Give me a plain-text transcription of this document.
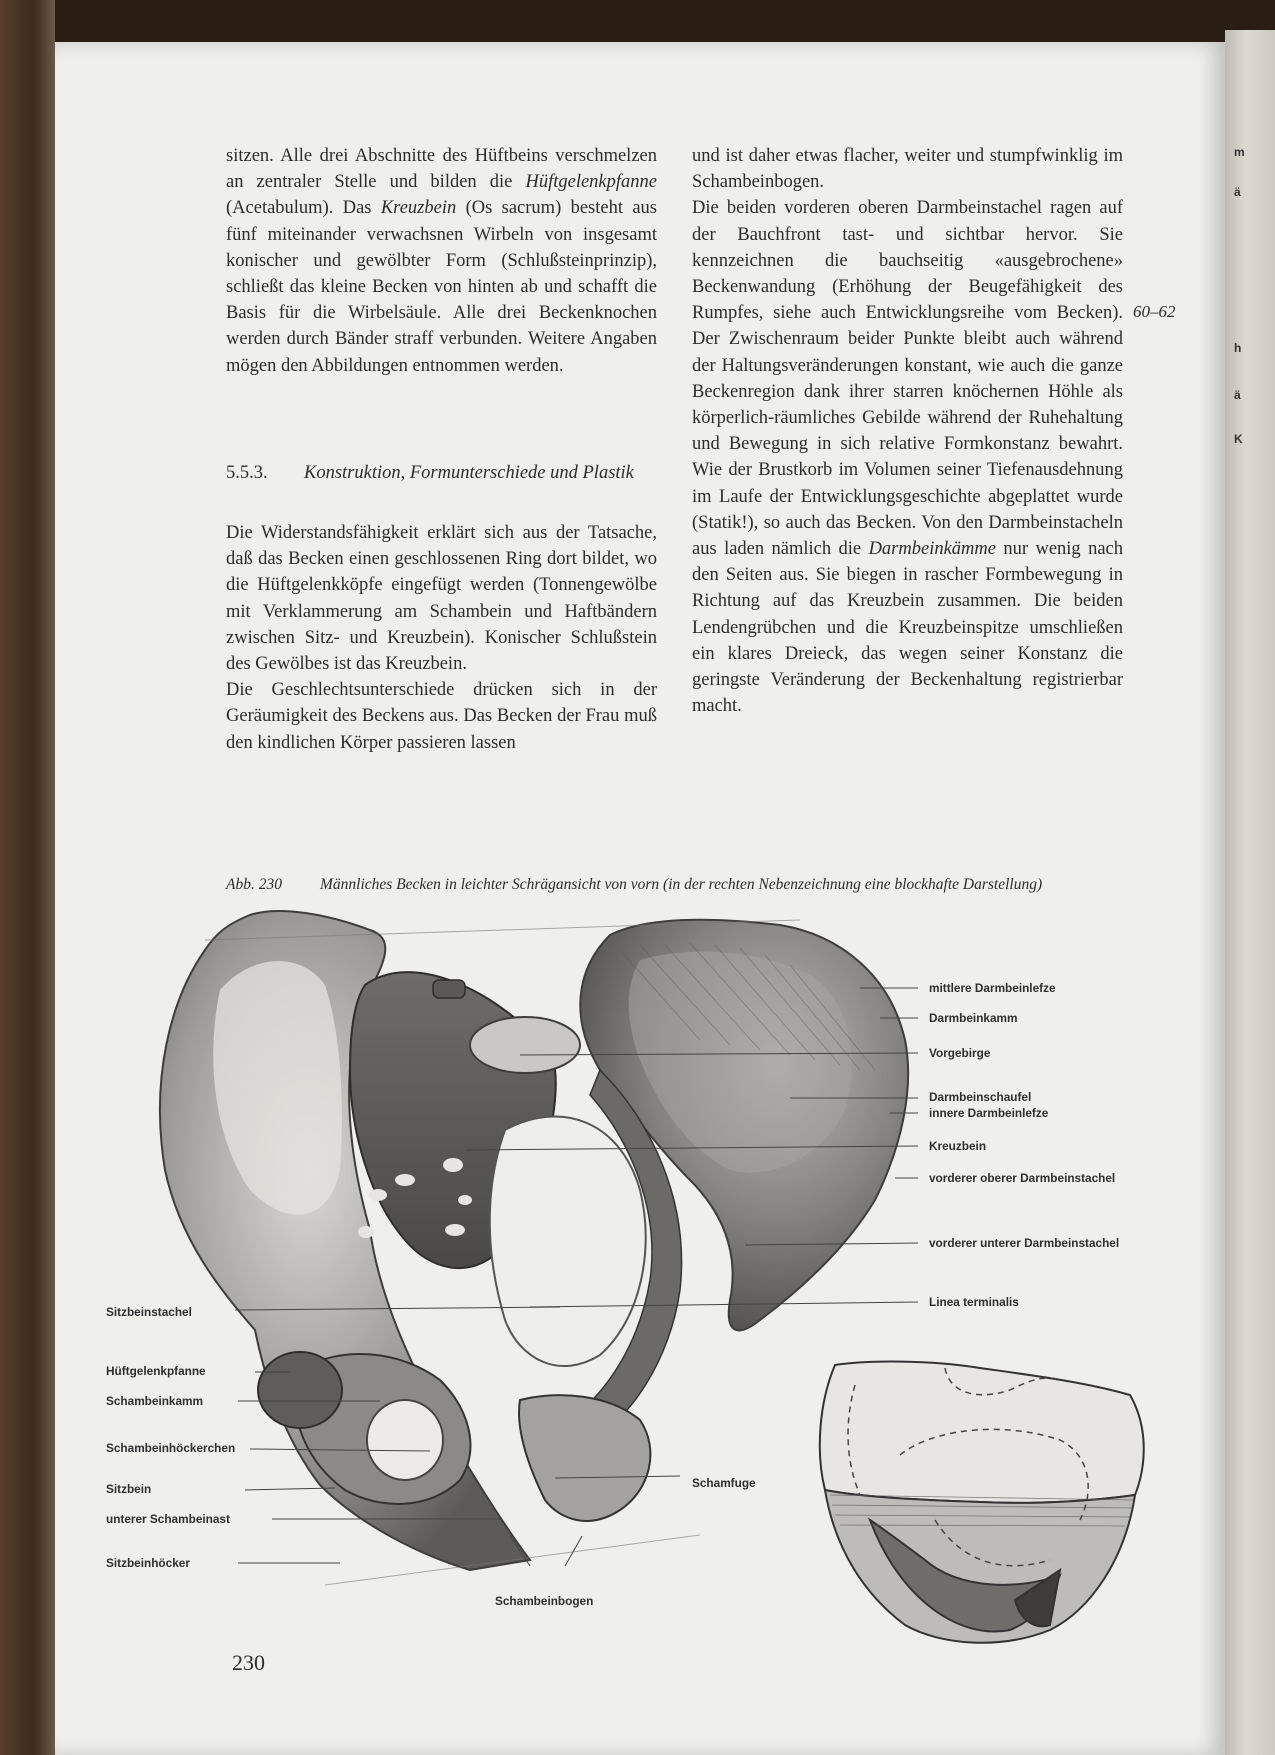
m
ä
h
ä
K

sitzen. Alle drei Abschnitte des Hüftbeins verschmelzen an zentraler Stelle und bilden die Hüftgelenkpfanne (Acetabulum). Das Kreuzbein (Os sacrum) besteht aus fünf miteinander verwachsnen Wirbeln von insgesamt konischer und gewölbter Form (Schlußsteinprinzip), schließt das kleine Becken von hinten ab und schafft die Basis für die Wirbelsäule. Alle drei Beckenknochen werden durch Bänder straff verbunden. Weitere Angaben mögen den Abbildungen entnommen werden.

5.5.3.	Konstruktion, Formunterschiede und Plastik

Die Widerstandsfähigkeit erklärt sich aus der Tatsache, daß das Becken einen geschlossenen Ring dort bildet, wo die Hüftgelenkköpfe eingefügt werden (Tonnengewölbe mit Verklammerung am Schambein und Haftbändern zwischen Sitz- und Kreuzbein). Konischer Schlußstein des Gewölbes ist das Kreuzbein.

Die Geschlechtsunterschiede drücken sich in der Geräumigkeit des Beckens aus. Das Becken der Frau muß den kindlichen Körper passieren lassen

und ist daher etwas flacher, weiter und stumpfwinklig im Schambeinbogen.

Die beiden vorderen oberen Darmbeinstachel ragen auf der Bauchfront tast- und sichtbar hervor. Sie kennzeichnen die bauchseitig «ausgebrochene» Beckenwandung (Erhöhung der Beugefähigkeit des Rumpfes, siehe auch Entwicklungsreihe vom Becken). Der Zwischenraum beider Punkte bleibt auch während der Haltungsveränderungen konstant, wie auch die ganze Beckenregion dank ihrer starren knöchernen Höhle als körperlich-räumliches Gebilde während der Ruhehaltung und Bewegung in sich relative Formkonstanz bewahrt. Wie der Brustkorb im Volumen seiner Tiefenausdehnung im Laufe der Entwicklungsgeschichte abgeplattet wurde (Statik!), so auch das Becken. Von den Darmbeinstacheln aus laden nämlich die Darmbeinkämme nur wenig nach den Seiten aus. Sie biegen in rascher Formbewegung in Richtung auf das Kreuzbein zusammen. Die beiden Lendengrübchen und die Kreuzbeinspitze umschließen ein klares Dreieck, das wegen seiner Konstanz die geringste Veränderung der Beckenhaltung registrierbar macht.

60–62
Abb. 230 Männliches Becken in leichter Schrägansicht von vorn (in der rechten Nebenzeichnung eine blockhafte Darstellung)
mittlere Darmbeinlefze
Darmbeinkamm
Vorgebirge
Darmbeinschaufel
innere Darmbeinlefze
Kreuzbein
vorderer oberer Darmbeinstachel
vorderer unterer Darmbeinstachel
Linea terminalis
Sitzbeinstachel
Hüftgelenkpfanne
Schambeinkamm
Schambeinhöckerchen
Sitzbein
unterer Schambeinast
Sitzbeinhöcker
Schamfuge
Schambeinbogen
230
